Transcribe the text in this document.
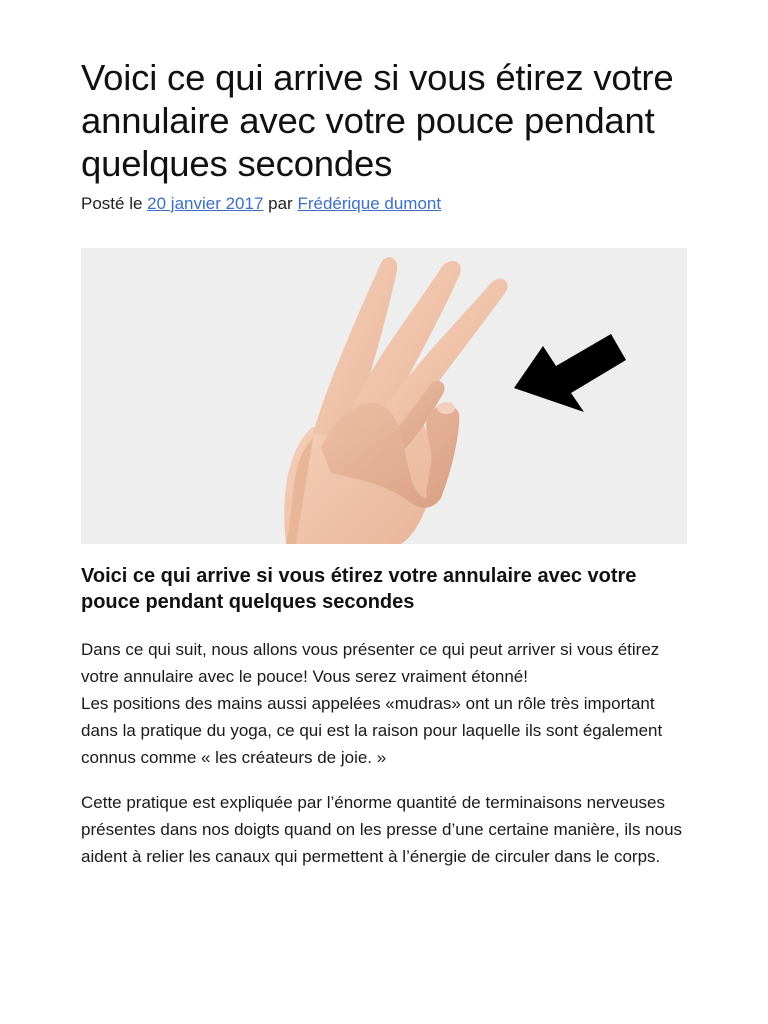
Voici ce qui arrive si vous étirez votre annulaire avec votre pouce pendant quelques secondes
Posté le 20 janvier 2017 par Frédérique dumont
Voici ce qui arrive si vous étirez votre annulaire avec votre pouce pendant quelques secondes

Dans ce qui suit, nous allons vous présenter ce qui peut arriver si vous étirez votre annulaire avec le pouce! Vous serez vraiment étonné!
Les positions des mains aussi appelées «mudras» ont un rôle très important dans la pratique du yoga, ce qui est la raison pour laquelle ils sont également connus comme « les créateurs de joie. »

Cette pratique est expliquée par l’énorme quantité de terminaisons nerveuses présentes dans nos doigts quand on les presse d’une certaine manière, ils nous aident à relier les canaux qui permettent à l’énergie de circuler dans le corps.
